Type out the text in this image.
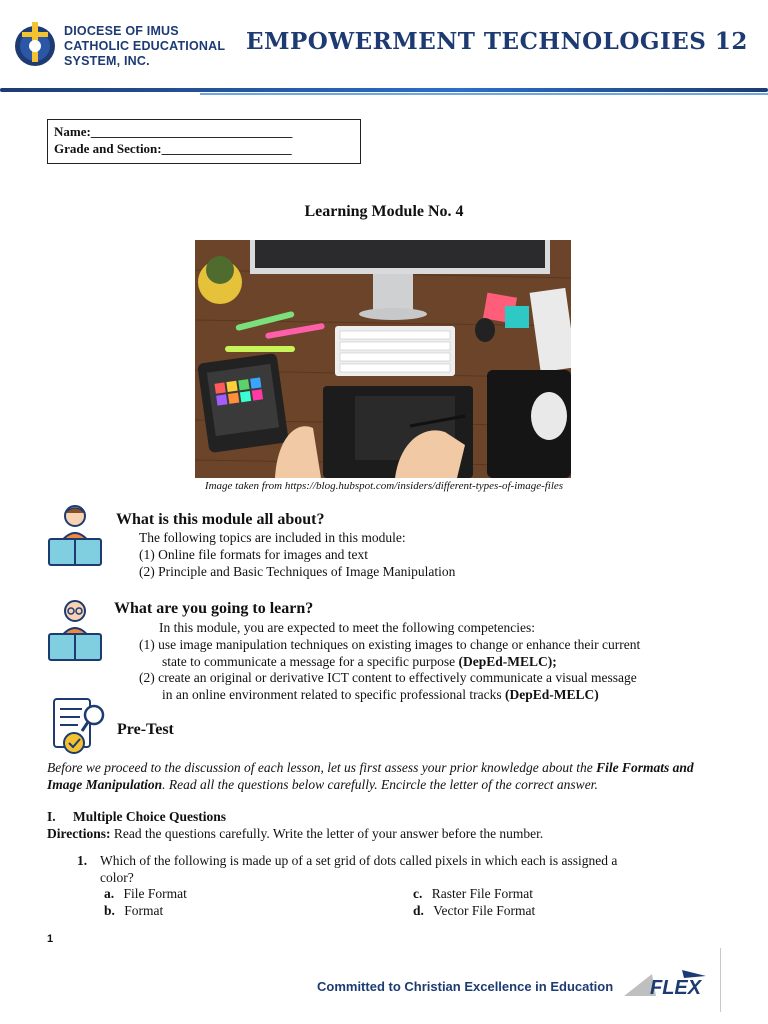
DIOCESE OF IMUS
CATHOLIC EDUCATIONAL
SYSTEM, INC.
EMPOWERMENT TECHNOLOGIES 12
Name:_______________________________
Grade and Section:____________________
Learning Module No. 4
Image taken from https://blog.hubspot.com/insiders/different-types-of-image-files
What is this module all about?
The following topics are included in this module:
(1) Online file formats for images and text
(2) Principle and Basic Techniques of Image Manipulation
What are you going to learn?
In this module, you are expected to meet the following competencies:
(1) use image manipulation techniques on existing images to change or enhance their current
state to communicate a message for a specific purpose (DepEd-MELC);
(2) create an original or derivative ICT content to effectively communicate a visual message
in an online environment related to specific professional tracks (DepEd-MELC)
Pre-Test
Before we proceed to the discussion of each lesson, let us first assess your prior knowledge about the File Formats and Image Manipulation. Read all the questions below carefully. Encircle the letter of the correct answer.
I. Multiple Choice Questions
Directions: Read the questions carefully. Write the letter of your answer before the number.
1. Which of the following is made up of a set grid of dots called pixels in which each is assigned a
color?
a. File Format
b. Format
c. Raster File Format
d. Vector File Format
1
Committed to Christian Excellence in Education FLEX
